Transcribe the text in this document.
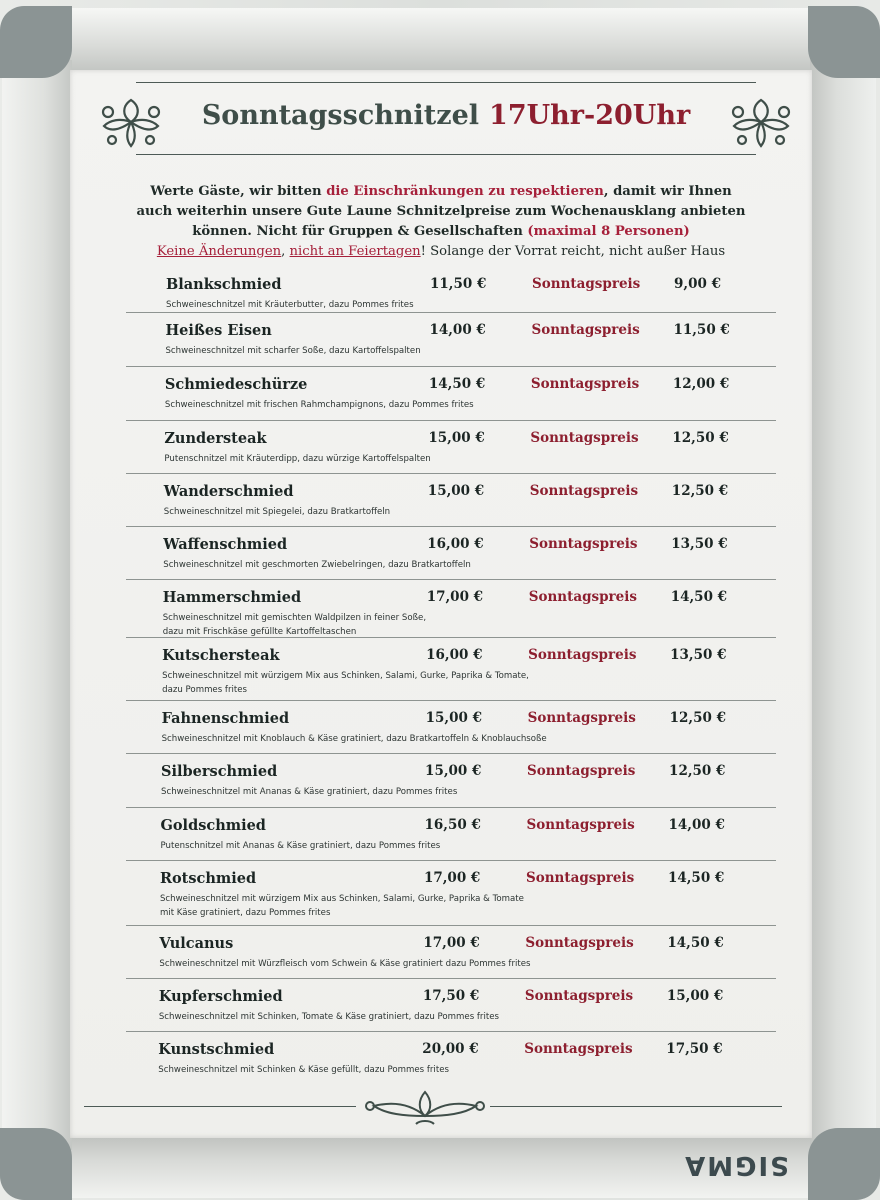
SIGMA
Sonntagsschnitzel 17Uhr-20Uhr
Werte Gäste, wir bitten die Einschränkungen zu respektieren, damit wir Ihnen
auch weiterhin unsere Gute Laune Schnitzelpreise zum Wochenausklang anbieten
können. Nicht für Gruppen & Gesellschaften (maximal 8 Personen)
Keine Änderungen, nicht an Feiertagen! Solange der Vorrat reicht, nicht außer Haus
Blankschmied	11,50 €	Sonntagspreis 9,00 €
Schweineschnitzel mit Kräuterbutter, dazu Pommes frites
Heißes Eisen	14,00 €	Sonntagspreis 11,50 €
Schweineschnitzel mit scharfer Soße, dazu Kartoffelspalten
Schmiedeschürze	14,50 €	Sonntagspreis 12,00 €
Schweineschnitzel mit frischen Rahmchampignons, dazu Pommes frites
Zundersteak	15,00 €	Sonntagspreis 12,50 €
Putenschnitzel mit Kräuterdipp, dazu würzige Kartoffelspalten
Wanderschmied	15,00 €	Sonntagspreis 12,50 €
Schweineschnitzel mit Spiegelei, dazu Bratkartoffeln
Waffenschmied	16,00 €	Sonntagspreis 13,50 €
Schweineschnitzel mit geschmorten Zwiebelringen, dazu Bratkartoffeln
Hammerschmied	17,00 €	Sonntagspreis 14,50 €
Schweineschnitzel mit gemischten Waldpilzen in feiner Soße,
dazu mit Frischkäse gefüllte Kartoffeltaschen
Kutschersteak	16,00 €	Sonntagspreis 13,50 €
Schweineschnitzel mit würzigem Mix aus Schinken, Salami, Gurke, Paprika & Tomate,
dazu Pommes frites
Fahnenschmied	15,00 €	Sonntagspreis 12,50 €
Schweineschnitzel mit Knoblauch & Käse gratiniert, dazu Bratkartoffeln & Knoblauchsoße
Silberschmied	15,00 €	Sonntagspreis 12,50 €
Schweineschnitzel mit Ananas & Käse gratiniert, dazu Pommes frites
Goldschmied	16,50 €	Sonntagspreis 14,00 €
Putenschnitzel mit Ananas & Käse gratiniert, dazu Pommes frites
Rotschmied	17,00 €	Sonntagspreis 14,50 €
Schweineschnitzel mit würzigem Mix aus Schinken, Salami, Gurke, Paprika & Tomate
mit Käse gratiniert, dazu Pommes frites
Vulcanus	17,00 €	Sonntagspreis 14,50 €
Schweineschnitzel mit Würzfleisch vom Schwein & Käse gratiniert dazu Pommes frites
Kupferschmied	17,50 €	Sonntagspreis 15,00 €
Schweineschnitzel mit Schinken, Tomate & Käse gratiniert, dazu Pommes frites
Kunstschmied	20,00 €	Sonntagspreis 17,50 €
Schweineschnitzel mit Schinken & Käse gefüllt, dazu Pommes frites
